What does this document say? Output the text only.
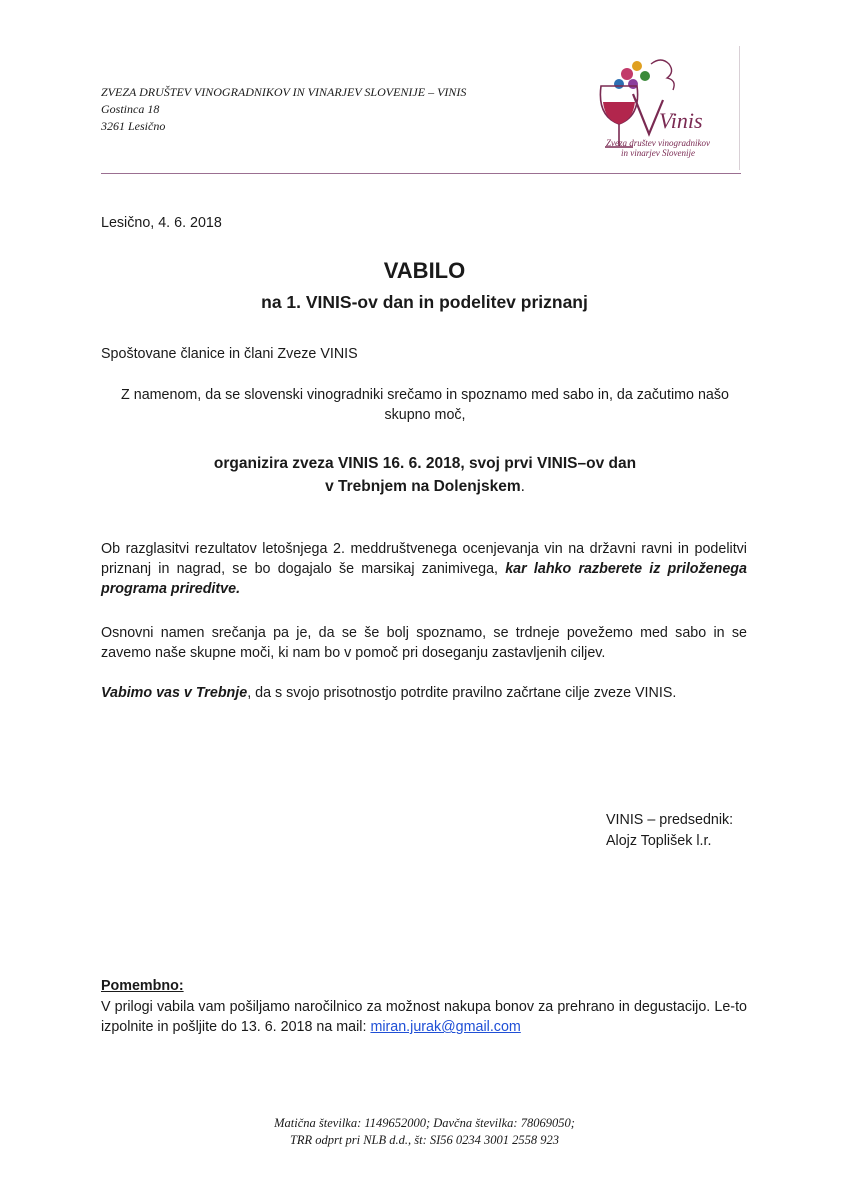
ZVEZA DRUŠTEV VINOGRADNIKOV IN VINARJEV SLOVENIJE – VINIS
Gostinca 18
3261 Lesično	Vinis
Zveza društev vinogradnikov
in vinarjev Slovenije
Lesično, 4. 6. 2018
VABILO
na 1. VINIS-ov dan in podelitev priznanj
Spoštovane članice in člani Zveze VINIS
Z namenom, da se slovenski vinogradniki srečamo in spoznamo med sabo in, da začutimo našo skupno moč,
organizira zveza VINIS 16. 6. 2018, svoj prvi VINIS–ov dan
v Trebnjem na Dolenjskem.

Ob razglasitvi rezultatov letošnjega 2. meddruštvenega ocenjevanja vin na državni ravni in podelitvi priznanj in nagrad, se bo dogajalo še marsikaj zanimivega, kar lahko razberete iz priloženega programa prireditve.

Osnovni namen srečanja pa je, da se še bolj spoznamo, se trdneje povežemo med sabo in se zavemo naše skupne moči, ki nam bo v pomoč pri doseganju zastavljenih ciljev.

Vabimo vas v Trebnje, da s svojo prisotnostjo potrdite pravilno začrtane cilje zveze VINIS.

VINIS – predsednik:
Alojz Toplišek l.r.
Pomembno:

V prilogi vabila vam pošiljamo naročilnico za možnost nakupa bonov za prehrano in degustacijo. Le-to izpolnite in pošljite do 13. 6. 2018 na mail: miran.jurak@gmail.com

Matična številka: 1149652000; Davčna številka: 78069050;
TRR odprt pri NLB d.d., št: SI56 0234 3001 2558 923
